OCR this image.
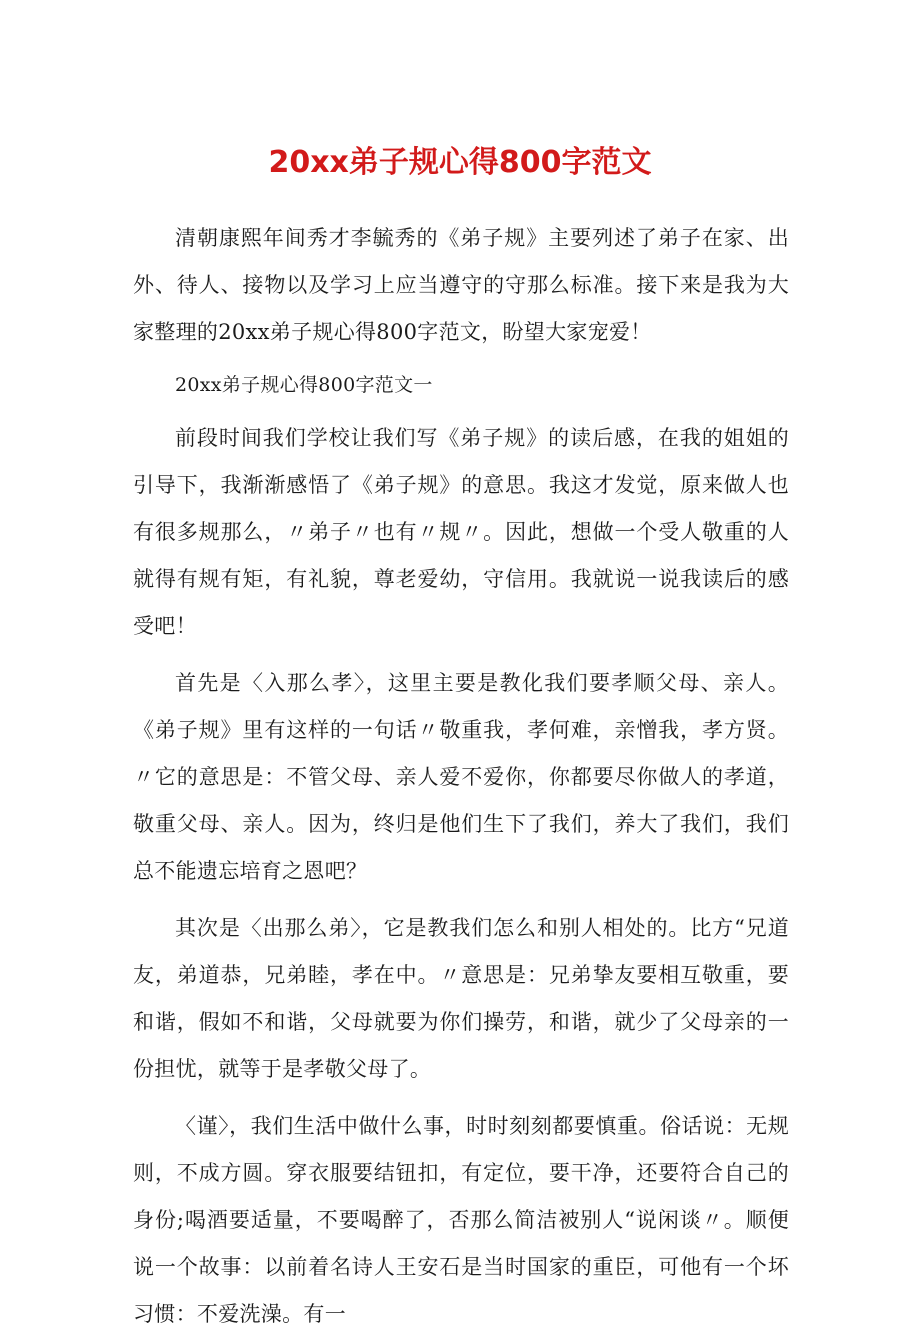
20xx弟子规心得800字范文

清朝康熙年间秀才李毓秀的《弟子规》主要列述了弟子在家、出外、待人、接物以及学习上应当遵守的守那么标准。接下来是我为大家整理的20xx弟子规心得800字范文，盼望大家宠爱！

20xx弟子规心得800字范文一

前段时间我们学校让我们写《弟子规》的读后感，在我的姐姐的引导下，我渐渐感悟了《弟子规》的意思。我这才发觉，原来做人也有很多规那么，〃弟子〃也有〃规〃。因此，想做一个受人敬重的人就得有规有矩，有礼貌，尊老爱幼，守信用。我就说一说我读后的感受吧！

首先是〈入那么孝〉，这里主要是教化我们要孝顺父母、亲人。《弟子规》里有这样的一句话〃敬重我，孝何难，亲憎我，孝方贤。〃它的意思是：不管父母、亲人爱不爱你，你都要尽你做人的孝道，敬重父母、亲人。因为，终归是他们生下了我们，养大了我们，我们总不能遗忘培育之恩吧？

其次是〈出那么弟〉，它是教我们怎么和别人相处的。比方“兄道友，弟道恭，兄弟睦，孝在中。〃意思是：兄弟挚友要相互敬重，要和谐，假如不和谐，父母就要为你们操劳，和谐，就少了父母亲的一份担忧，就等于是孝敬父母了。

〈谨〉，我们生活中做什么事，时时刻刻都要慎重。俗话说：无规则，不成方圆。穿衣服要结钮扣，有定位，要干净，还要符合自己的身份;喝酒要适量，不要喝醉了，否那么简洁被别人“说闲谈〃。顺便说一个故事：以前着名诗人王安石是当时国家的重臣，可他有一个坏习惯：不爱洗澡。有一
